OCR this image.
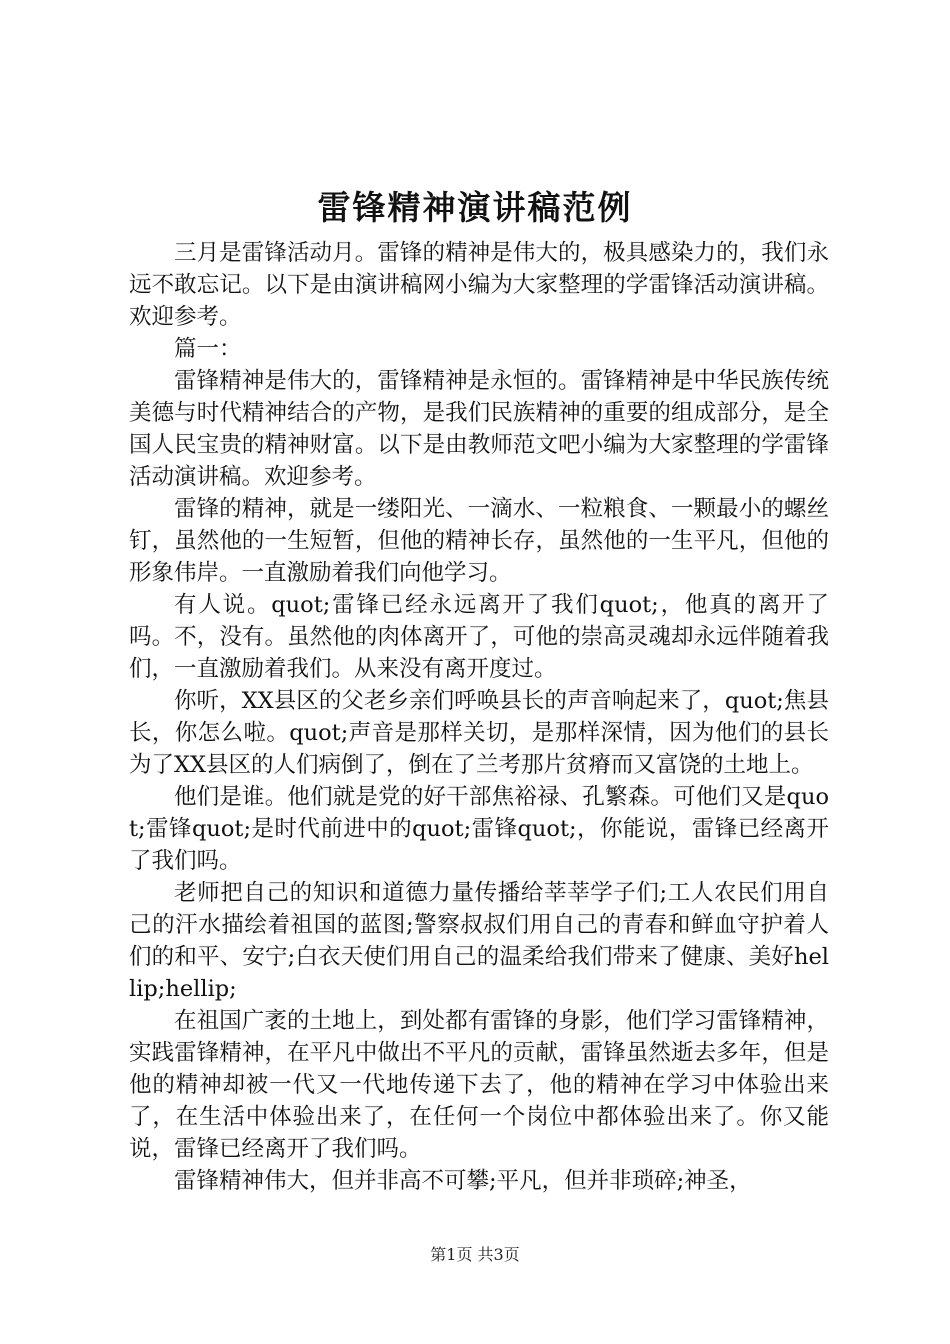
雷锋精神演讲稿范例

三月是雷锋活动月。雷锋的精神是伟大的，极具感染力的，我们永远不敢忘记。以下是由演讲稿网小编为大家整理的学雷锋活动演讲稿。欢迎参考。

篇一：

雷锋精神是伟大的，雷锋精神是永恒的。雷锋精神是中华民族传统美德与时代精神结合的产物，是我们民族精神的重要的组成部分，是全国人民宝贵的精神财富。以下是由教师范文吧小编为大家整理的学雷锋活动演讲稿。欢迎参考。

雷锋的精神，就是一缕阳光、一滴水、一粒粮食、一颗最小的螺丝钉，虽然他的一生短暂，但他的精神长存，虽然他的一生平凡，但他的形象伟岸。一直激励着我们向他学习。

有人说。quot;雷锋已经永远离开了我们quot;，他真的离开了吗。不，没有。虽然他的肉体离开了，可他的崇高灵魂却永远伴随着我们，一直激励着我们。从来没有离开度过。

你听，XX县区的父老乡亲们呼唤县长的声音响起来了，quot;焦县长，你怎么啦。quot;声音是那样关切，是那样深情，因为他们的县长为了XX县区的人们病倒了，倒在了兰考那片贫瘠而又富饶的土地上。

他们是谁。他们就是党的好干部焦裕禄、孔繁森。可他们又是quot;雷锋quot;是时代前进中的quot;雷锋quot;，你能说，雷锋已经离开了我们吗。

老师把自己的知识和道德力量传播给莘莘学子们;工人农民们用自己的汗水描绘着祖国的蓝图;警察叔叔们用自己的青春和鲜血守护着人们的和平、安宁;白衣天使们用自己的温柔给我们带来了健康、美好hellip;hellip;

在祖国广袤的土地上，到处都有雷锋的身影，他们学习雷锋精神，实践雷锋精神，在平凡中做出不平凡的贡献，雷锋虽然逝去多年，但是他的精神却被一代又一代地传递下去了，他的精神在学习中体验出来了，在生活中体验出来了，在任何一个岗位中都体验出来了。你又能说，雷锋已经离开了我们吗。

雷锋精神伟大，但并非高不可攀;平凡，但并非琐碎;神圣，

第1页 共3页
